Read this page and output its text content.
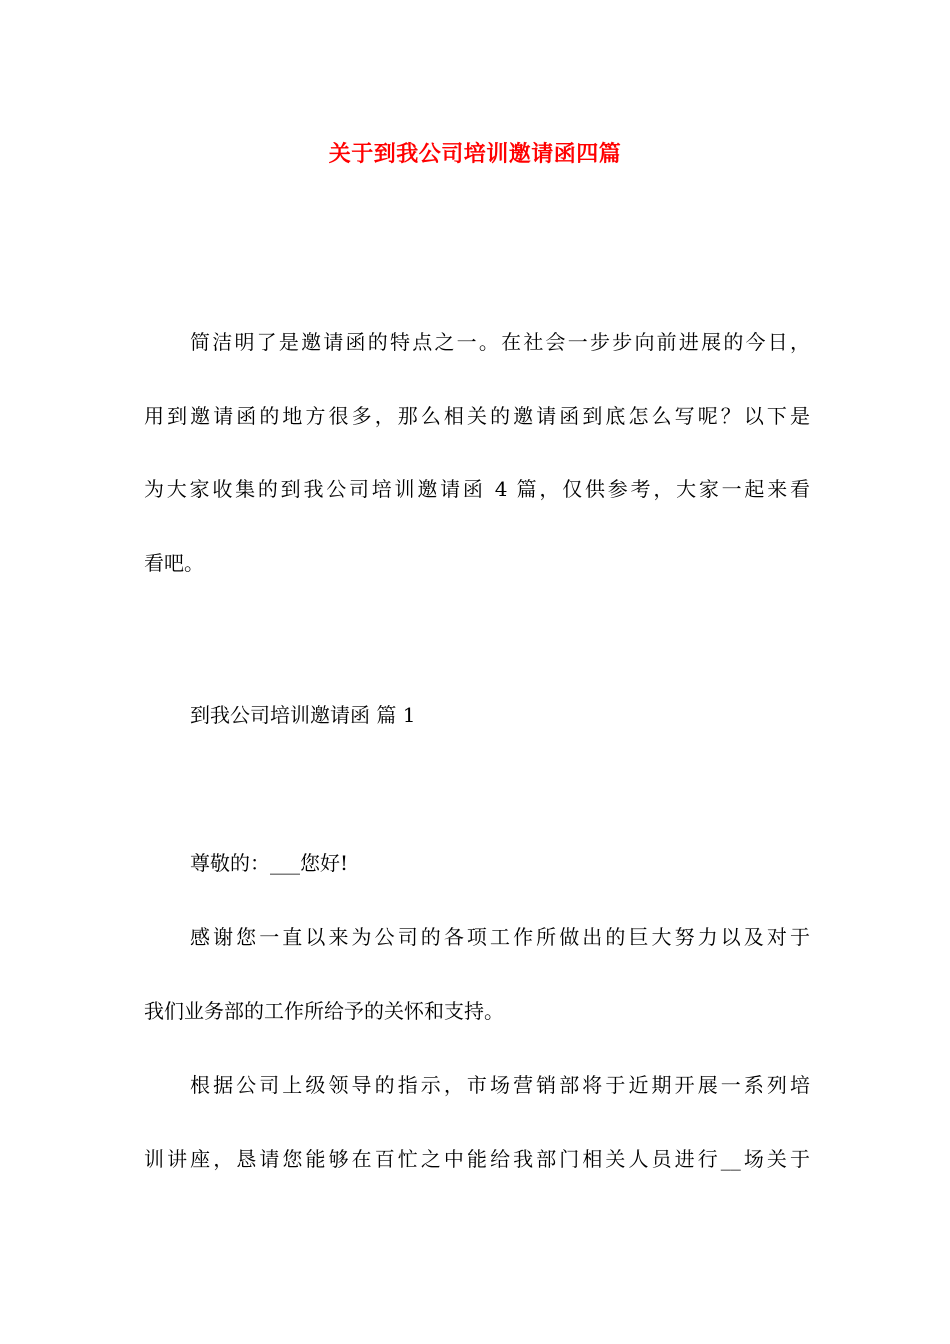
关于到我公司培训邀请函四篇

简洁明了是邀请函的特点之一。在社会一步步向前进展的今日，

用到邀请函的地方很多，那么相关的邀请函到底怎么写呢？以下是

为大家收集的到我公司培训邀请函 4 篇，仅供参考，大家一起来看

看吧。

到我公司培训邀请函 篇 1

尊敬的：___您好!

感谢您一直以来为公司的各项工作所做出的巨大努力以及对于

我们业务部的工作所给予的关怀和支持。

根据公司上级领导的指示，市场营销部将于近期开展一系列培

训讲座，恳请您能够在百忙之中能给我部门相关人员进行__场关于
